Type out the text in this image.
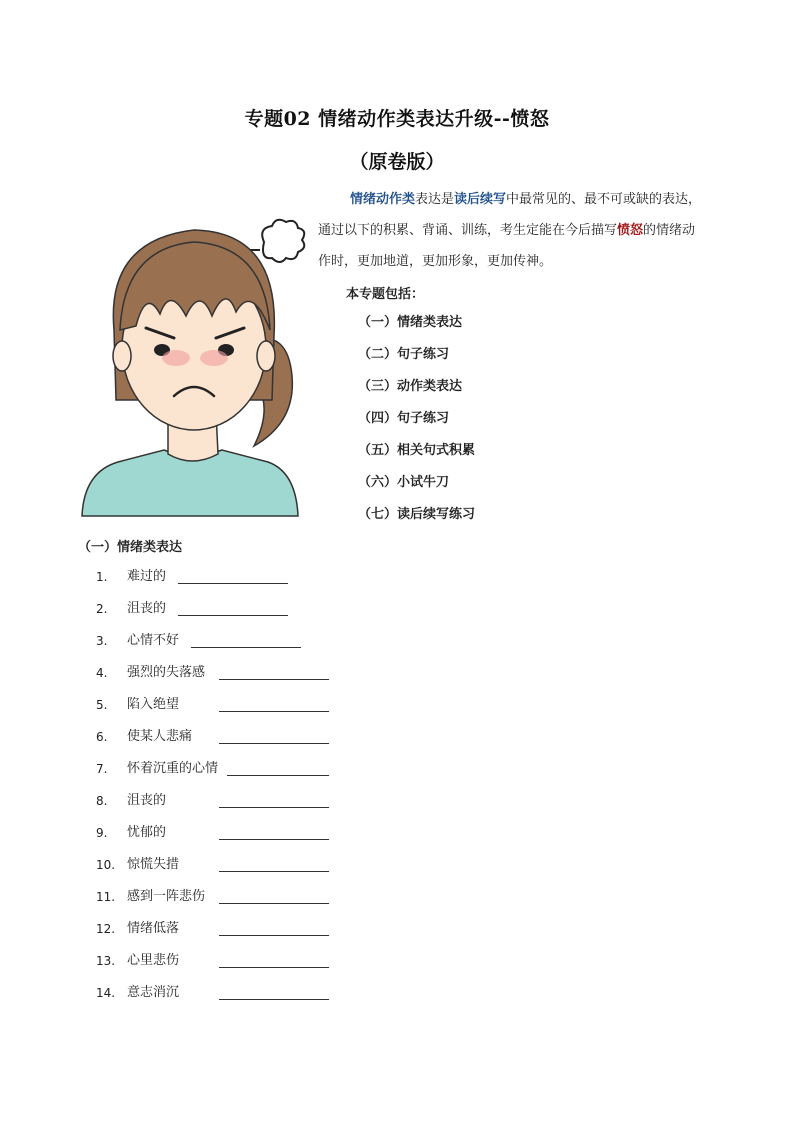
专题02 情绪动作类表达升级--愤怒
（原卷版）
情绪动作类表达是读后续写中最常见的、最不可或缺的表达，
通过以下的积累、背诵、训练，考生定能在今后描写愤怒的情绪动
作时，更加地道，更加形象，更加传神。
本专题包括：
（一）情绪类表达
（二）句子练习
（三）动作类表达
（四）句子练习
（五）相关句式积累
（六）小试牛刀
（七）读后续写练习
（一）情绪类表达
1.	难过的
2.	沮丧的
3.	心情不好
4.	强烈的失落感
5.	陷入绝望
6.	使某人悲痛
7.	怀着沉重的心情
8.	沮丧的
9.	忧郁的
10. 惊慌失措
11. 感到一阵悲伤
12. 情绪低落
13. 心里悲伤
14. 意志消沉
